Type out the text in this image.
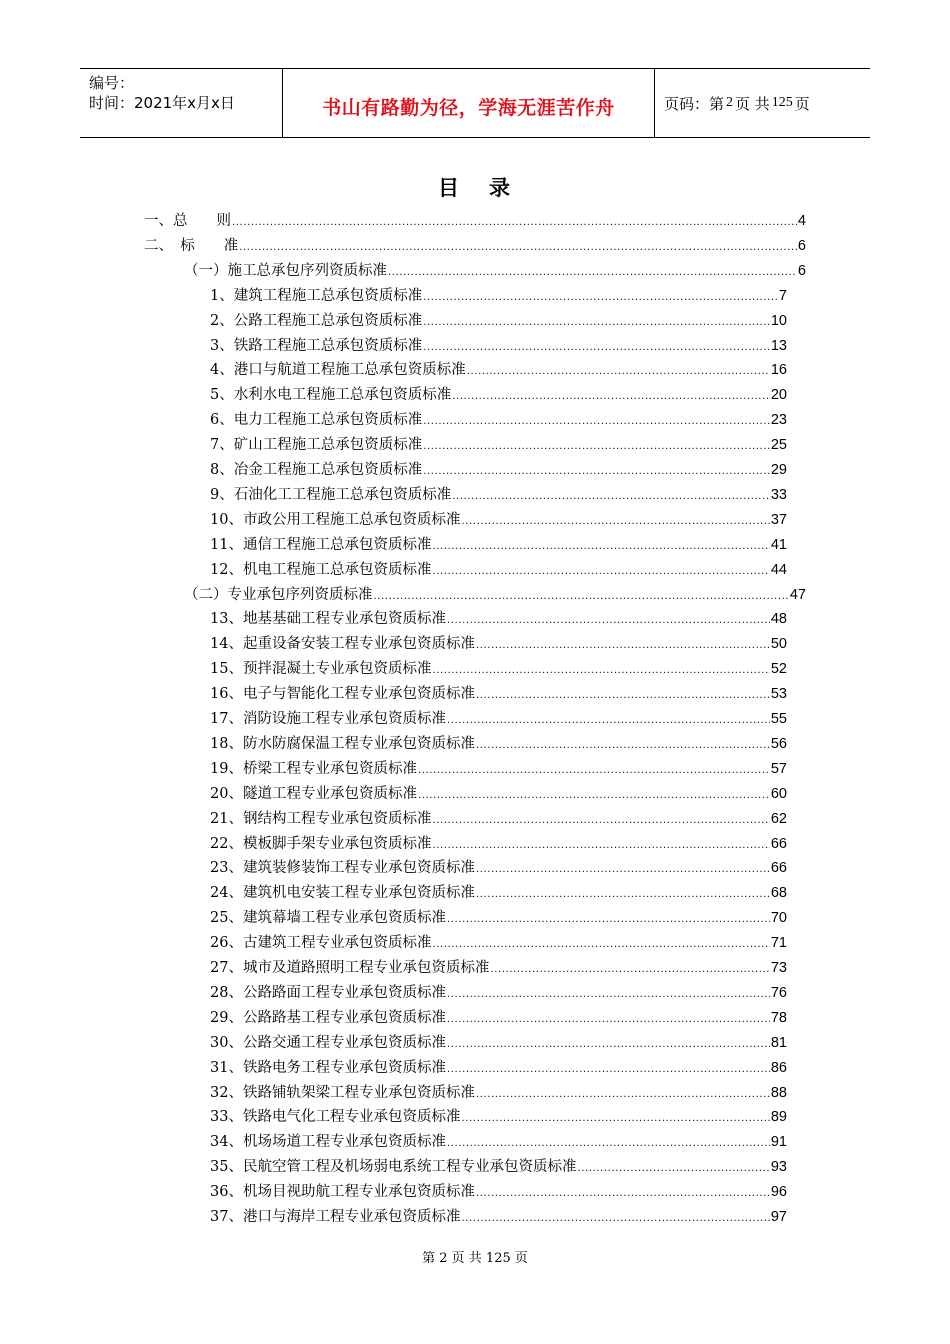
编号：
时间：2021年x月x日	书山有路勤为径，学海无涯苦作舟	页码：第 2 页 共 125 页
目 录
一、总　　则 .....	4
二、　标　　准 .....	6
（一）施工总承包序列资质标准 .....	6
1、建筑工程施工总承包资质标准 .....	7
2、公路工程施工总承包资质标准 .....	10
3、铁路工程施工总承包资质标准 .....	13
4、港口与航道工程施工总承包资质标准 .....	16
5、水利水电工程施工总承包资质标准 .....	20
6、电力工程施工总承包资质标准 .....	23
7、矿山工程施工总承包资质标准 .....	25
8、冶金工程施工总承包资质标准 .....	29
9、石油化工工程施工总承包资质标准 .....	33
10、市政公用工程施工总承包资质标准 .....	37
11、通信工程施工总承包资质标准 .....	41
12、机电工程施工总承包资质标准 .....	44
（二）专业承包序列资质标准 .....	47
13、地基基础工程专业承包资质标准 .....	48
14、起重设备安装工程专业承包资质标准 .....	50
15、预拌混凝土专业承包资质标准 .....	52
16、电子与智能化工程专业承包资质标准 .....	53
17、消防设施工程专业承包资质标准 .....	55
18、防水防腐保温工程专业承包资质标准 .....	56
19、桥梁工程专业承包资质标准 .....	57
20、隧道工程专业承包资质标准 .....	60
21、钢结构工程专业承包资质标准 .....	62
22、模板脚手架专业承包资质标准 .....	66
23、建筑装修装饰工程专业承包资质标准 .....	66
24、建筑机电安装工程专业承包资质标准 .....	68
25、建筑幕墙工程专业承包资质标准 .....	70
26、古建筑工程专业承包资质标准 .....	71
27、城市及道路照明工程专业承包资质标准 .....	73
28、公路路面工程专业承包资质标准 .....	76
29、公路路基工程专业承包资质标准 .....	78
30、公路交通工程专业承包资质标准 .....	81
31、铁路电务工程专业承包资质标准 .....	86
32、铁路铺轨架梁工程专业承包资质标准 .....	88
33、铁路电气化工程专业承包资质标准 .....	89
34、机场场道工程专业承包资质标准 .....	91
35、民航空管工程及机场弱电系统工程专业承包资质标准 .....	93
36、机场目视助航工程专业承包资质标准 .....	96
37、港口与海岸工程专业承包资质标准 .....	97
第 2 页 共 125 页
